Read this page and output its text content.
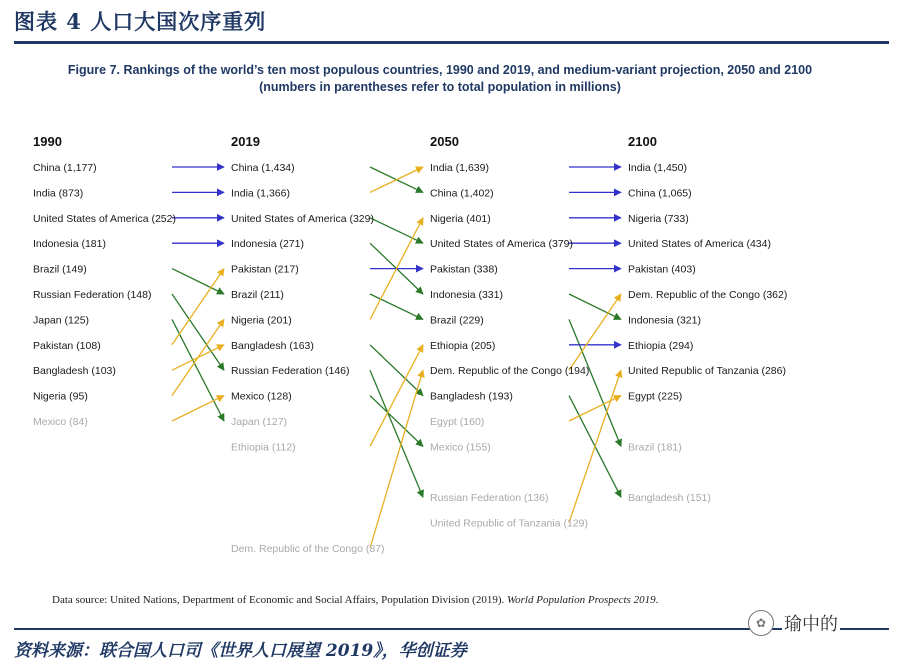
图表 4 人口大国次序重列
Figure 7. Rankings of the world’s ten most populous countries, 1990 and 2019, and medium-variant projection, 2050 and 2100 (numbers in parentheses refer to total population in millions)
1990
China (1,177)
India (873)
United States of America (252)
Indonesia (181)
Brazil (149)
Russian Federation (148)
Japan (125)
Pakistan (108)
Bangladesh (103)
Nigeria (95)
Mexico (84)
2019
China (1,434)
India (1,366)
United States of America (329)
Indonesia (271)
Pakistan (217)
Brazil (211)
Nigeria (201)
Bangladesh (163)
Russian Federation (146)
Mexico (128)
Japan (127)
Ethiopia (112)
Dem. Republic of the Congo (87)
2050
India (1,639)
China (1,402)
Nigeria (401)
United States of America (379)
Pakistan (338)
Indonesia (331)
Brazil (229)
Ethiopia (205)
Dem. Republic of the Congo (194)
Bangladesh (193)
Egypt (160)
Mexico (155)
Russian Federation (136)
United Republic of Tanzania (129)
2100
India (1,450)
China (1,065)
Nigeria (733)
United States of America (434)
Pakistan (403)
Dem. Republic of the Congo (362)
Indonesia (321)
Ethiopia (294)
United Republic of Tanzania (286)
Egypt (225)
Brazil (181)
Bangladesh (151)
Data source: United Nations, Department of Economic and Social Affairs, Population Division (2019). World Population Prospects 2019.
资料来源：联合国人口司《世界人口展望 2019》，华创证券
✿ 瑜中的
